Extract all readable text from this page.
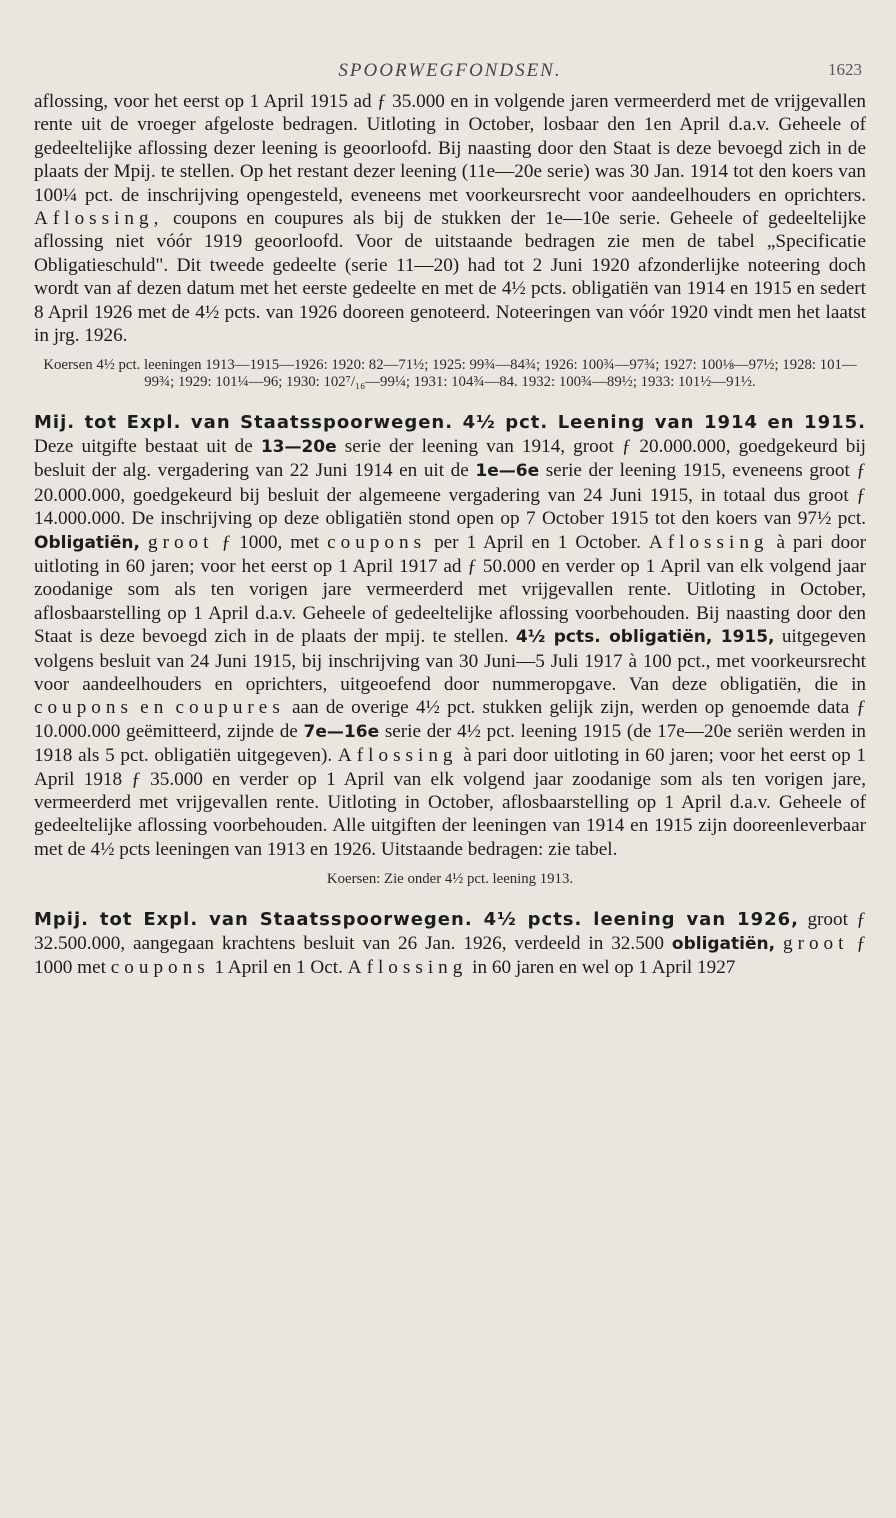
SPOORWEGFONDSEN.	1623

aflossing, voor het eerst op 1 April 1915 ad ƒ 35.000 en in volgende jaren vermeerderd met de vrijgevallen rente uit de vroeger afgeloste bedragen. Uitloting in October, losbaar den 1en April d.a.v. Geheele of gedeeltelijke aflossing dezer leening is geoorloofd. Bij naasting door den Staat is deze bevoegd zich in de plaats der Mpij. te stellen. Op het restant dezer leening (11e—20e serie) was 30 Jan. 1914 tot den koers van 100¼ pct. de inschrijving opengesteld, eveneens met voorkeursrecht voor aandeelhouders en oprichters. Aflossing, coupons en coupures als bij de stukken der 1e—10e serie. Geheele of gedeeltelijke aflossing niet vóór 1919 geoorloofd. Voor de uitstaande bedragen zie men de tabel „Specificatie Obligatieschuld". Dit tweede gedeelte (serie 11—20) had tot 2 Juni 1920 afzonderlijke noteering doch wordt van af dezen datum met het eerste gedeelte en met de 4½ pcts. obligatiën van 1914 en 1915 en sedert 8 April 1926 met de 4½ pcts. van 1926 dooreen genoteerd. Noteeringen van vóór 1920 vindt men het laatst in jrg. 1926.

Koersen 4½ pct. leeningen 1913—1915—1926: 1920: 82—71½; 1925: 99¾—84¾; 1926: 100¾—97¾; 1927: 100⅛—97½; 1928: 101—99¾; 1929: 101¼—96; 1930: 102⁷/₁₆—99¼; 1931: 104¾—84. 1932: 100¾—89½; 1933: 101½—91½.

Mij. tot Expl. van Staatsspoorwegen. 4½ pct. Leening van 1914 en 1915. Deze uitgifte bestaat uit de 13—20e serie der leening van 1914, groot ƒ 20.000.000, goedgekeurd bij besluit der alg. vergadering van 22 Juni 1914 en uit de 1e—6e serie der leening 1915, eveneens groot ƒ 20.000.000, goedgekeurd bij besluit der algemeene vergadering van 24 Juni 1915, in totaal dus groot ƒ 14.000.000. De inschrijving op deze obligatiën stond open op 7 October 1915 tot den koers van 97½ pct. Obligatiën, groot ƒ 1000, met coupons per 1 April en 1 October. Aflossing à pari door uitloting in 60 jaren; voor het eerst op 1 April 1917 ad ƒ 50.000 en verder op 1 April van elk volgend jaar zoodanige som als ten vorigen jare vermeerderd met vrijgevallen rente. Uitloting in October, aflosbaarstelling op 1 April d.a.v. Geheele of gedeeltelijke aflossing voorbehouden. Bij naasting door den Staat is deze bevoegd zich in de plaats der mpij. te stellen. 4½ pcts. obligatiën, 1915, uitgegeven volgens besluit van 24 Juni 1915, bij inschrijving van 30 Juni—5 Juli 1917 à 100 pct., met voorkeursrecht voor aandeelhouders en oprichters, uitgeoefend door nummeropgave. Van deze obligatiën, die in coupons en coupures aan de overige 4½ pct. stukken gelijk zijn, werden op genoemde data ƒ 10.000.000 geëmitteerd, zijnde de 7e—16e serie der 4½ pct. leening 1915 (de 17e—20e seriën werden in 1918 als 5 pct. obligatiën uitgegeven). Aflossing à pari door uitloting in 60 jaren; voor het eerst op 1 April 1918 ƒ 35.000 en verder op 1 April van elk volgend jaar zoodanige som als ten vorigen jare, vermeerderd met vrijgevallen rente. Uitloting in October, aflosbaarstelling op 1 April d.a.v. Geheele of gedeeltelijke aflossing voorbehouden. Alle uitgiften der leeningen van 1914 en 1915 zijn dooreenleverbaar met de 4½ pcts leeningen van 1913 en 1926. Uitstaande bedragen: zie tabel.

Koersen: Zie onder 4½ pct. leening 1913.

Mpij. tot Expl. van Staatsspoorwegen. 4½ pcts. leening van 1926, groot ƒ 32.500.000, aangegaan krachtens besluit van 26 Jan. 1926, verdeeld in 32.500 obligatiën, groot ƒ 1000 met coupons 1 April en 1 Oct. Aflossing in 60 jaren en wel op 1 April 1927
